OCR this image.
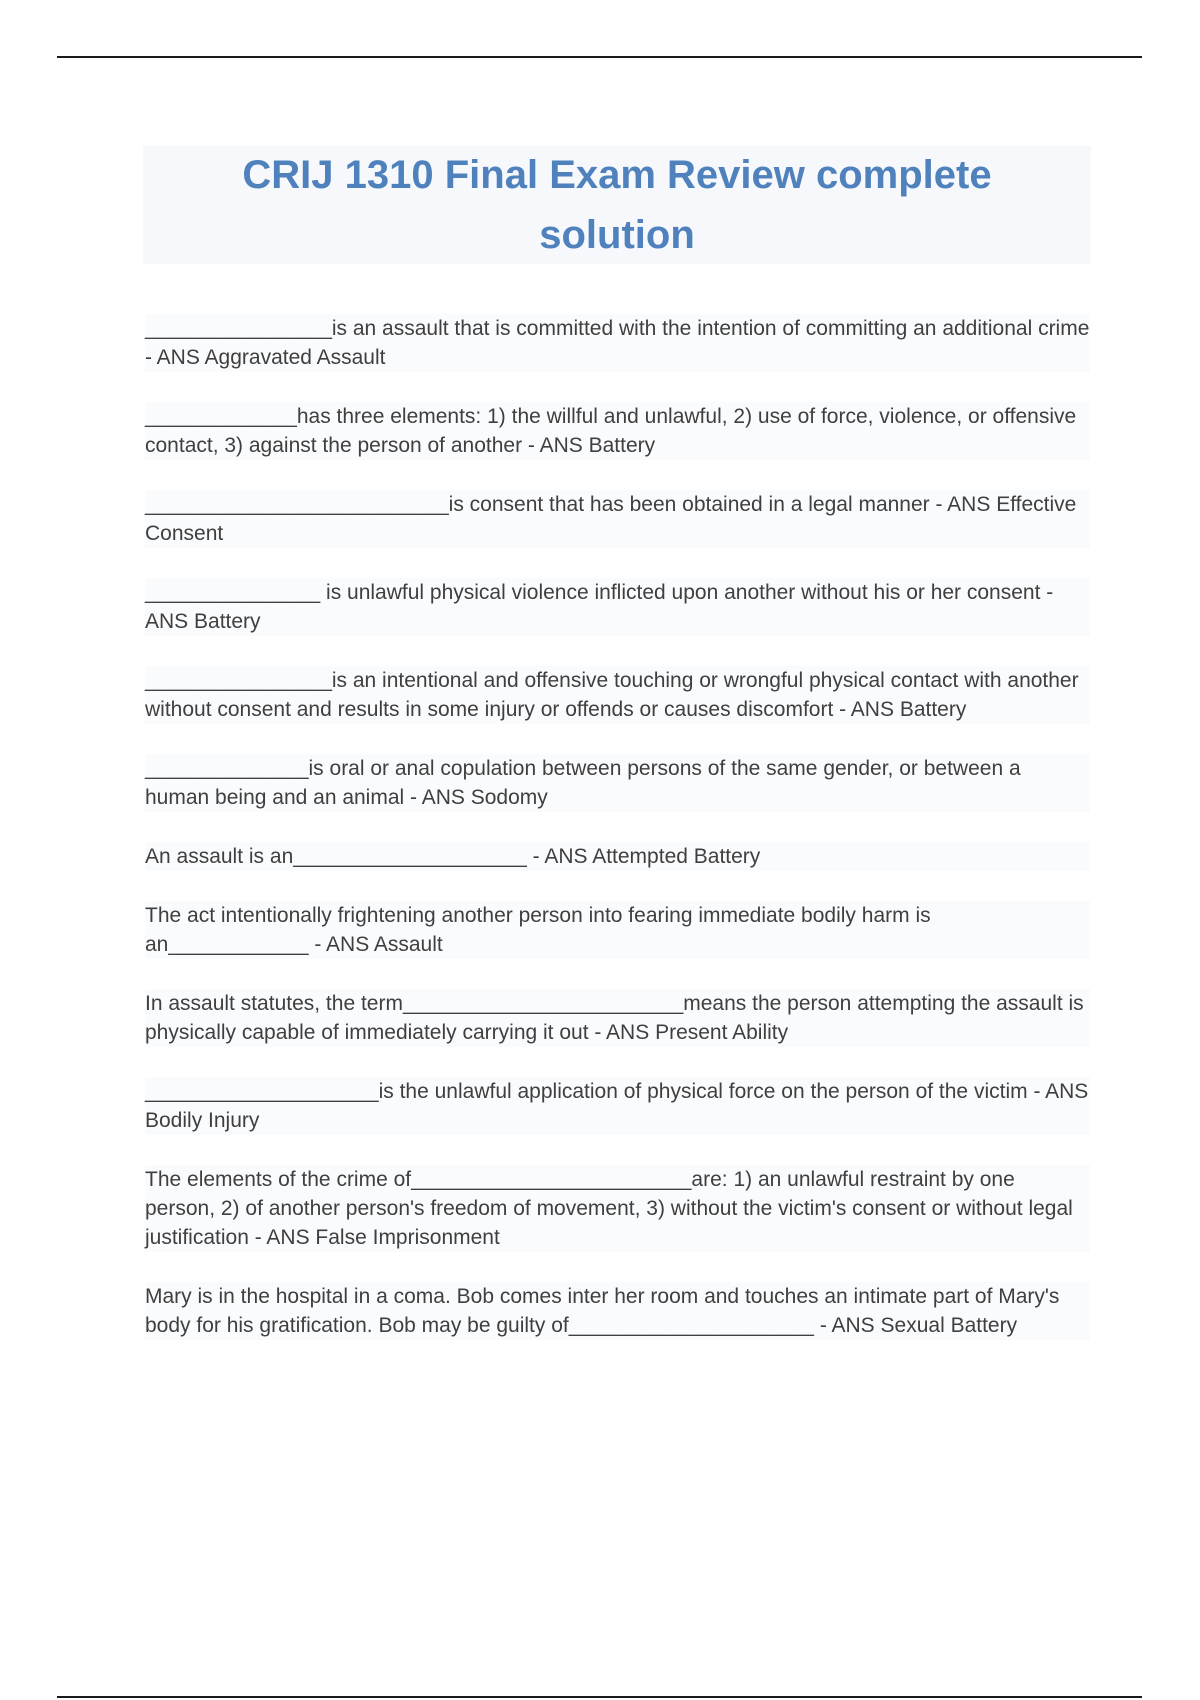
CRIJ 1310 Final Exam Review complete solution

________________is an assault that is committed with the intention of committing an additional crime - ANS Aggravated Assault

_____________has three elements: 1) the willful and unlawful, 2) use of force, violence, or offensive contact, 3) against the person of another - ANS Battery

__________________________is consent that has been obtained in a legal manner - ANS Effective Consent

_______________ is unlawful physical violence inflicted upon another without his or her consent - ANS Battery

________________is an intentional and offensive touching or wrongful physical contact with another without consent and results in some injury or offends or causes discomfort - ANS Battery

______________is oral or anal copulation between persons of the same gender, or between a human being and an animal - ANS Sodomy

An assault is an____________________ - ANS Attempted Battery

The act intentionally frightening another person into fearing immediate bodily harm is an____________ - ANS Assault

In assault statutes, the term________________________means the person attempting the assault is physically capable of immediately carrying it out - ANS Present Ability

____________________is the unlawful application of physical force on the person of the victim - ANS Bodily Injury

The elements of the crime of________________________are: 1) an unlawful restraint by one person, 2) of another person's freedom of movement, 3) without the victim's consent or without legal justification - ANS False Imprisonment

Mary is in the hospital in a coma. Bob comes inter her room and touches an intimate part of Mary's body for his gratification. Bob may be guilty of_____________________ - ANS Sexual Battery
